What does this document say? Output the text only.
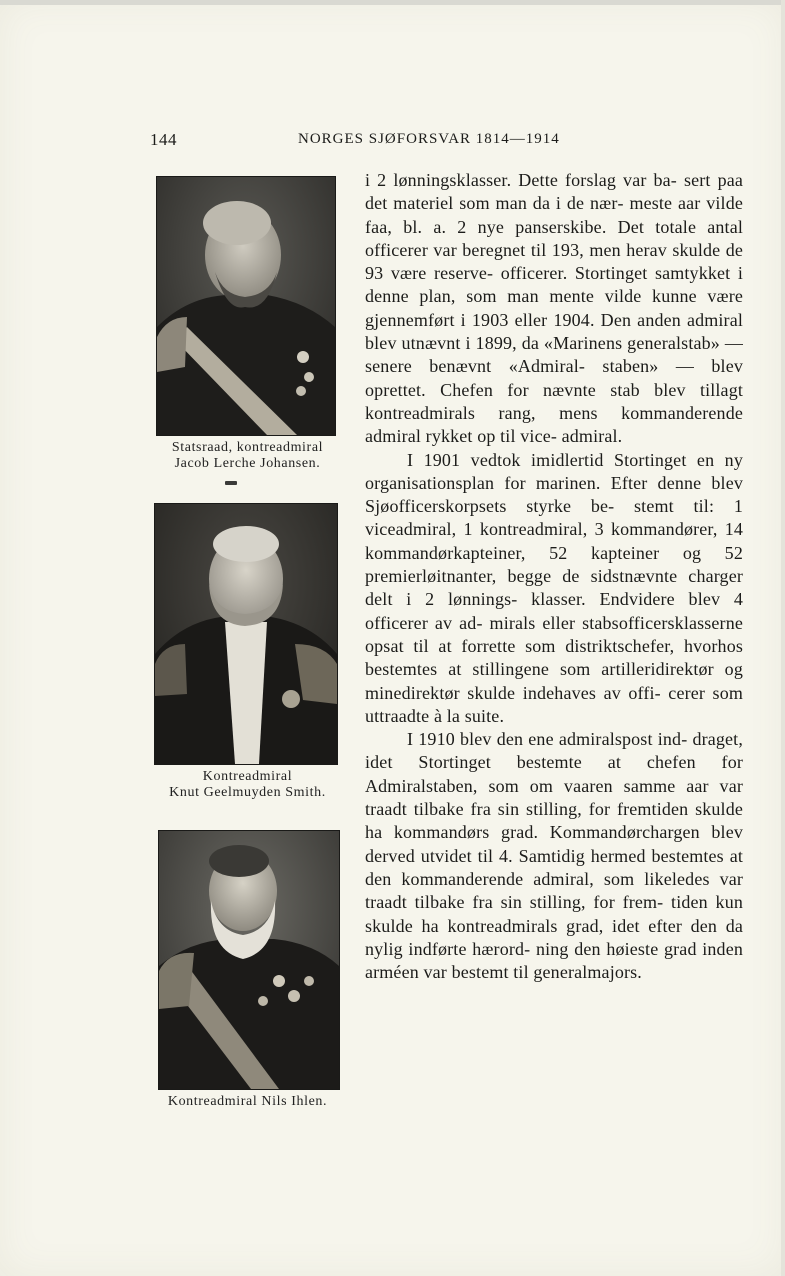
144	NORGES SJØFORSVAR 1814—1914
Statsraad, kontreadmiral
Jacob Lerche Johansen.
Kontreadmiral
Knut Geelmuyden Smith.
Kontreadmiral Nils Ihlen.

i 2 lønningsklasser. Dette forslag var ba‑ sert paa det materiel som man da i de nær‑ meste aar vilde faa, bl. a. 2 nye panserskibe. Det totale antal officerer var beregnet til 193, men herav skulde de 93 være reserve‑ officerer. Stortinget samtykket i denne plan, som man mente vilde kunne være gjennemført i 1903 eller 1904. Den anden admiral blev utnævnt i 1899, da «Marinens generalstab» — senere benævnt «Admiral‑ staben» — blev oprettet. Chefen for nævnte stab blev tillagt kontreadmirals rang, mens kommanderende admiral rykket op til vice‑ admiral.

I 1901 vedtok imidlertid Stortinget en ny organisationsplan for marinen. Efter denne blev Sjøofficerskorpsets styrke be‑ stemt til: 1 viceadmiral, 1 kontreadmiral, 3 kommandører, 14 kommandørkapteiner, 52 kapteiner og 52 premierløitnanter, begge de sidstnævnte charger delt i 2 lønnings‑ klasser. Endvidere blev 4 officerer av ad‑ mirals eller stabsofficersklasserne opsat til at forrette som distriktschefer, hvorhos bestemtes at stillingene som artilleridirektør og minedirektør skulde indehaves av offi‑ cerer som uttraadte à la suite.

I 1910 blev den ene admiralspost ind‑ draget, idet Stortinget bestemte at chefen for Admiralstaben, som om vaaren samme aar var traadt tilbake fra sin stilling, for fremtiden skulde ha kommandørs grad. Kommandørchargen blev derved utvidet til 4. Samtidig hermed bestemtes at den kommanderende admiral, som likeledes var traadt tilbake fra sin stilling, for frem‑ tiden kun skulde ha kontreadmirals grad, idet efter den da nylig indførte hærord‑ ning den høieste grad inden arméen var bestemt til generalmajors.
